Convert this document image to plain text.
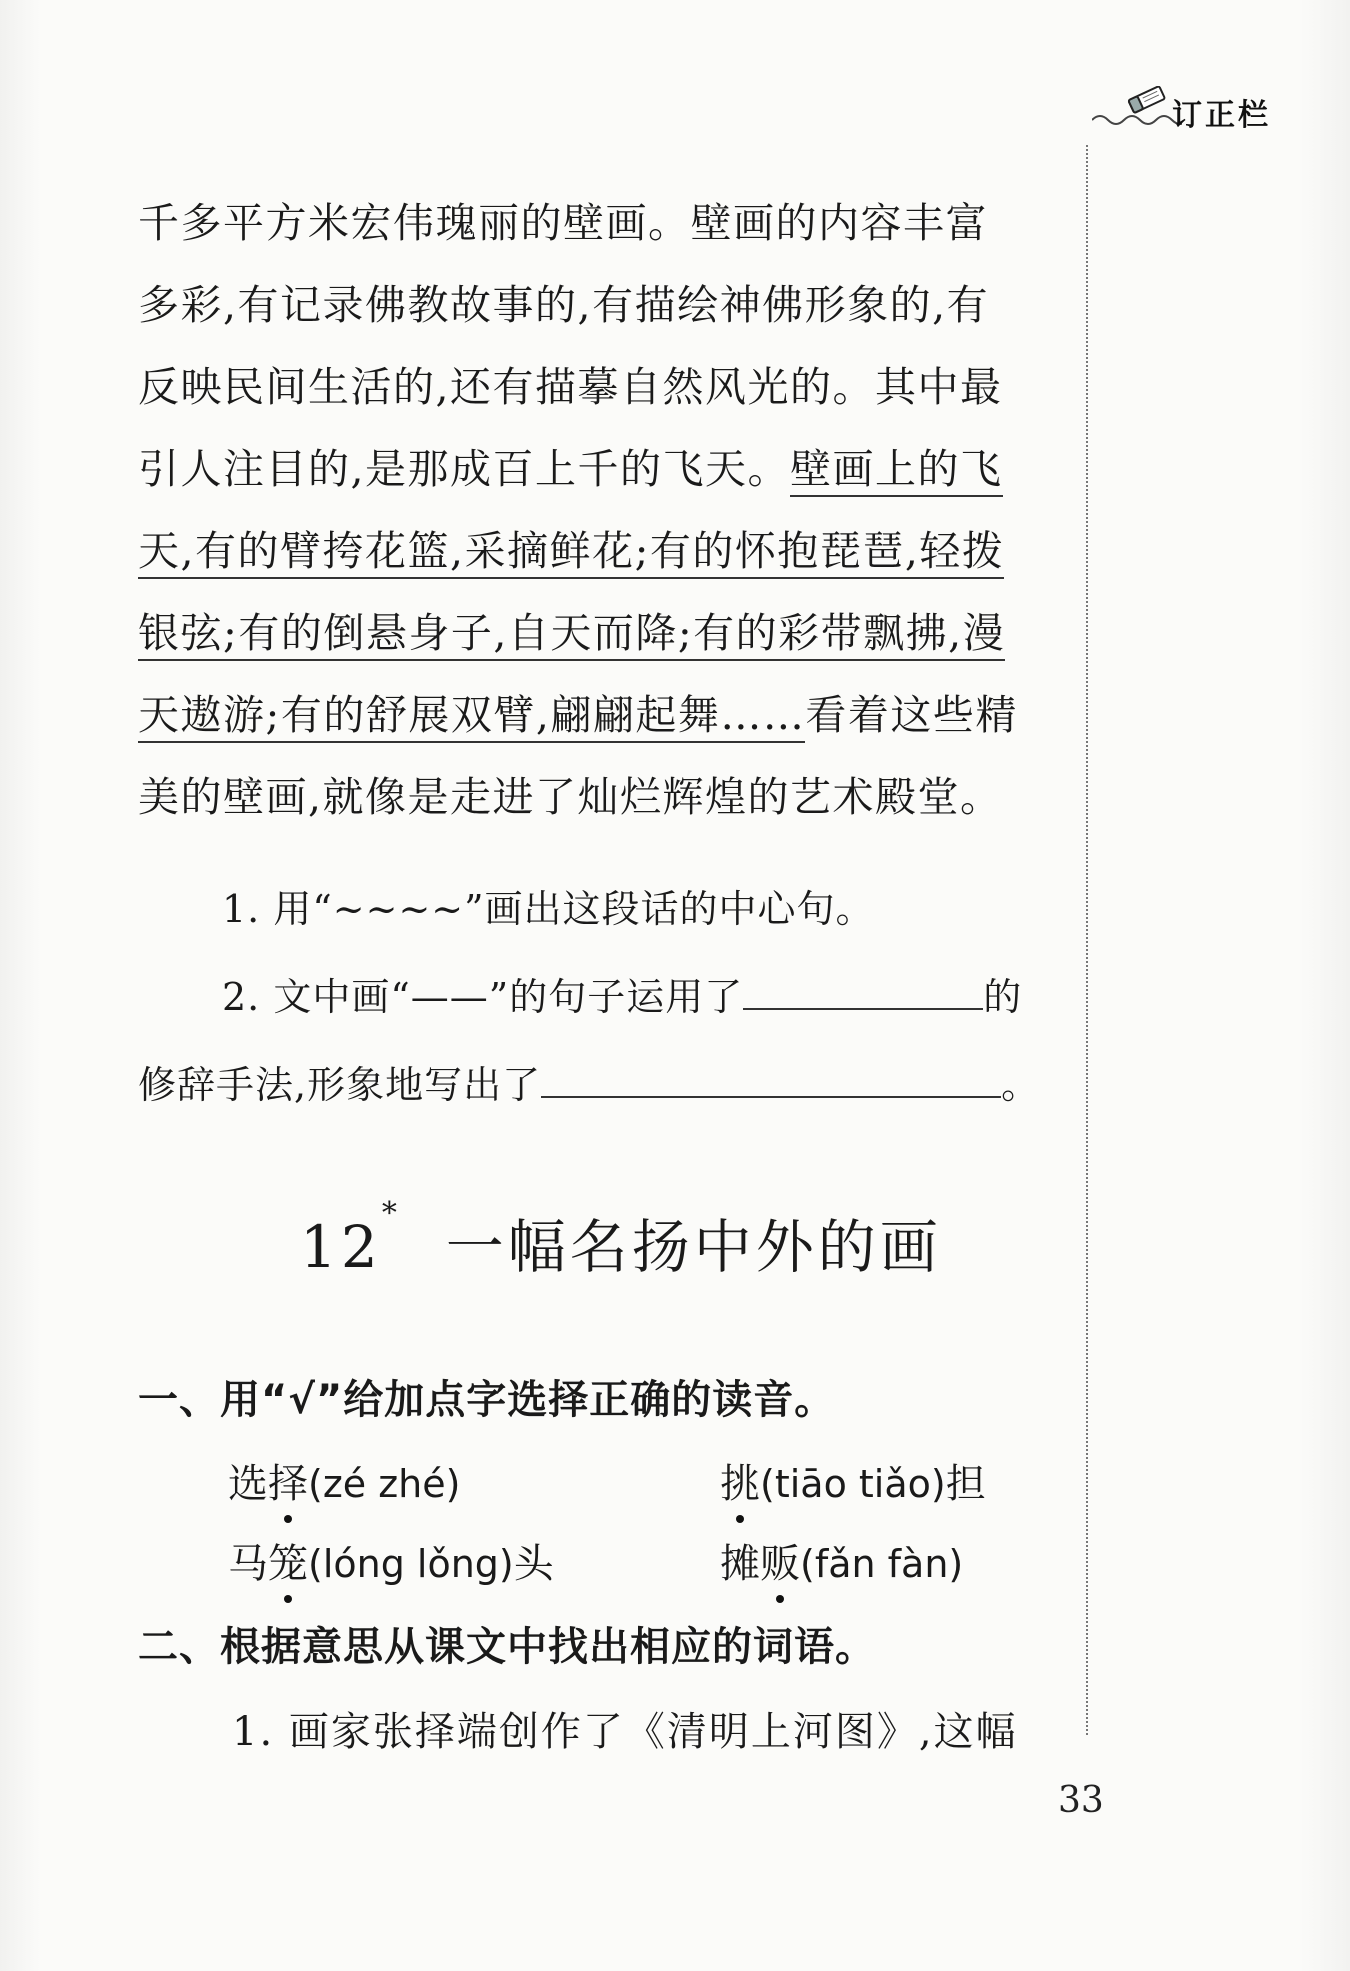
订正栏
千多平方米宏伟瑰丽的壁画。壁画的内容丰富
多彩,有记录佛教故事的,有描绘神佛形象的,有
反映民间生活的,还有描摹自然风光的。其中最
引人注目的,是那成百上千的飞天。壁画上的飞
天,有的臂挎花篮,采摘鲜花;有的怀抱琵琶,轻拨
银弦;有的倒悬身子,自天而降;有的彩带飘拂,漫
天遨游;有的舒展双臂,翩翩起舞……看着这些精
美的壁画,就像是走进了灿烂辉煌的艺术殿堂。
1. 用“~~~~”画出这段话的中心句。
2. 文中画“——”的句子运用了	的
修辞手法,形象地写出了	。
12* 一幅名扬中外的画
一、用“√”给加点字选择正确的读音。
选择(zé zhé)	挑(tiāo tiǎo)担
马笼(lóng lǒng)头	摊贩(fǎn fàn)
二、根据意思从课文中找出相应的词语。
1. 画家张择端创作了《清明上河图》,这幅
33
